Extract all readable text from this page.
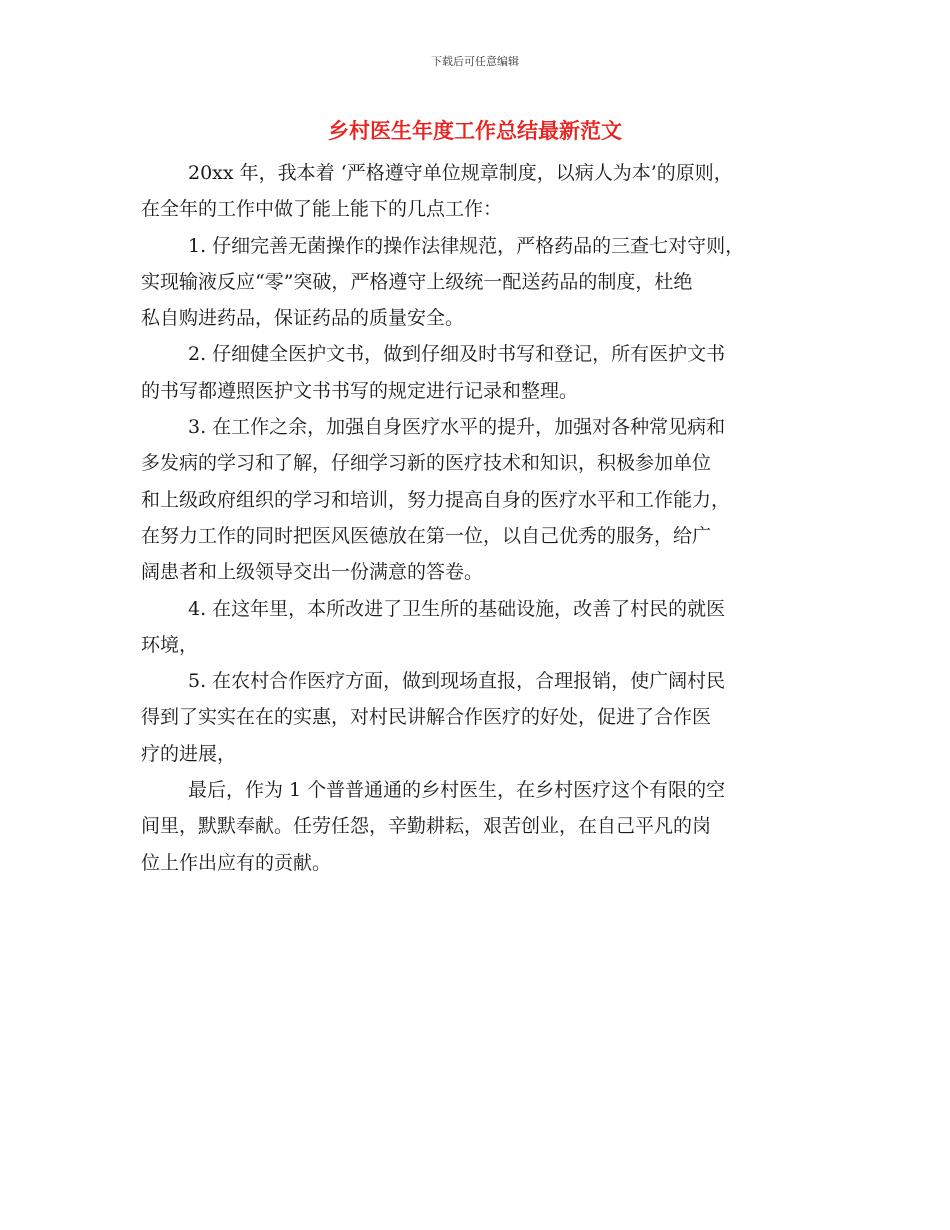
下载后可任意编辑
乡村医生年度工作总结最新范文
20xx 年，我本着 ‘严格遵守单位规章制度，以病人为本’的原则，
在全年的工作中做了能上能下的几点工作：
1. 仔细完善无菌操作的操作法律规范，严格药品的三查七对守则，
实现输液反应“零”突破，严格遵守上级统一配送药品的制度，杜绝
私自购进药品，保证药品的质量安全。
2. 仔细健全医护文书，做到仔细及时书写和登记，所有医护文书
的书写都遵照医护文书书写的规定进行记录和整理。
3. 在工作之余，加强自身医疗水平的提升，加强对各种常见病和
多发病的学习和了解，仔细学习新的医疗技术和知识，积极参加单位
和上级政府组织的学习和培训，努力提高自身的医疗水平和工作能力，
在努力工作的同时把医风医德放在第一位，以自己优秀的服务，给广
阔患者和上级领导交出一份满意的答卷。
4. 在这年里，本所改进了卫生所的基础设施，改善了村民的就医
环境，
5. 在农村合作医疗方面，做到现场直报，合理报销，使广阔村民
得到了实实在在的实惠，对村民讲解合作医疗的好处，促进了合作医
疗的进展，
最后，作为 1 个普普通通的乡村医生，在乡村医疗这个有限的空
间里，默默奉献。任劳任怨，辛勤耕耘，艰苦创业，在自己平凡的岗
位上作出应有的贡献。
